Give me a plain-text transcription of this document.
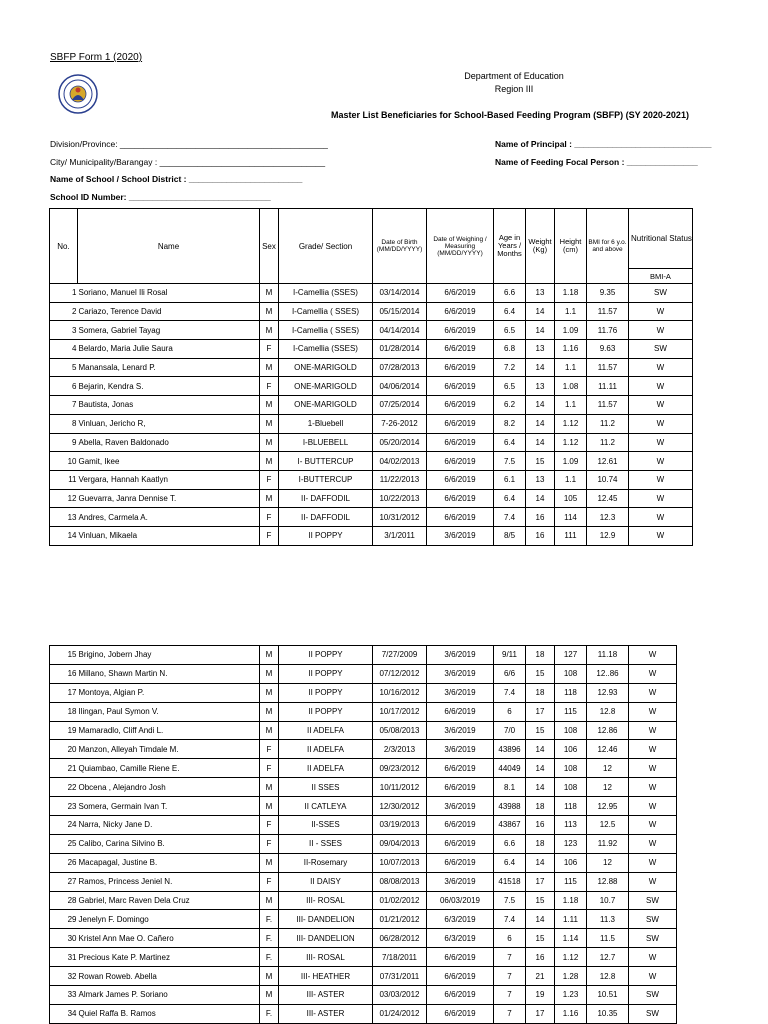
SBFP Form 1 (2020)
Department of Education
Region III
Master List Beneficiaries for School-Based Feeding Program (SBFP) (SY 2020-2021)
Division/Province: ____________________________________________
City/ Municipality/Barangay : ___________________________________
Name of School / School District : ________________________
School ID Number: ______________________________
Name of Principal : _____________________________
Name of Feeding Focal Person : _______________
No.	Name	Sex	Grade/ Section	Date of Birth (MM/DD/YYYY)	Date of Weighing / Measuring (MM/DD/YYYY)	Age in Years / Months	Weight (Kg)	Height (cm)	BMI for 6 y.o. and above	Nutritional Status
										BMI-A
1	Soriano, Manuel Ili Rosal	M	I-Camellia (SSES)	03/14/2014	6/6/2019	6.6	13	1.18	9.35	SW
2	Cariazo, Terence David	M	I-Camellia ( SSES)	05/15/2014	6/6/2019	6.4	14	1.1	11.57	W
3	Somera, Gabriel Tayag	M	I-Camellia ( SSES)	04/14/2014	6/6/2019	6.5	14	1.09	11.76	W
4	Belardo, Maria Julie Saura	F	I-Camellia (SSES)	01/28/2014	6/6/2019	6.8	13	1.16	9.63	SW
5	Manansala, Lenard P.	M	ONE-MARIGOLD	07/28/2013	6/6/2019	7.2	14	1.1	11.57	W
6	Bejarin, Kendra S.	F	ONE-MARIGOLD	04/06/2014	6/6/2019	6.5	13	1.08	11.11	W
7	Bautista, Jonas	M	ONE-MARIGOLD	07/25/2014	6/6/2019	6.2	14	1.1	11.57	W
8	Vinluan, Jericho R,	M	1-Bluebell	7-26-2012	6/6/2019	8.2	14	1.12	11.2	W
9	Abella, Raven Baldonado	M	I-BLUEBELL	05/20/2014	6/6/2019	6.4	14	1.12	11.2	W
10	Gamit, Ikee	M	I- BUTTERCUP	04/02/2013	6/6/2019	7.5	15	1.09	12.61	W
11	Vergara, Hannah Kaatlyn	F	I-BUTTERCUP	11/22/2013	6/6/2019	6.1	13	1.1	10.74	W
12	Guevarra, Janra Dennise T.	M	II- DAFFODIL	10/22/2013	6/6/2019	6.4	14	105	12.45	W
13	Andres, Carmela A.	F	II- DAFFODIL	10/31/2012	6/6/2019	7.4	16	114	12.3	W
14	Vinluan, Mikaela	F	II POPPY	3/1/2011	3/6/2019	8/5	16	111	12.9	W
15	Brigino, Jobern Jhay	M	II POPPY	7/27/2009	3/6/2019	9/11	18	127	11.18	W
16	Millano, Shawn Martin N.	M	II POPPY	07/12/2012	3/6/2019	6/6	15	108	12..86	W
17	Montoya, Algian P.	M	II POPPY	10/16/2012	3/6/2019	7.4	18	118	12.93	W
18	Ilingan, Paul Symon V.	M	II POPPY	10/17/2012	6/6/2019	6	17	115	12.8	W
19	Mamaradlo, Cliff Andi L.	M	II ADELFA	05/08/2013	3/6/2019	7/0	15	108	12.86	W
20	Manzon, Alleyah Timdale M.	F	II ADELFA	2/3/2013	3/6/2019	43896	14	106	12.46	W
21	Quiambao, Camille Riene E.	F	II ADELFA	09/23/2012	6/6/2019	44049	14	108	12	W
22	Obcena , Alejandro Josh	M	II SSES	10/11/2012	6/6/2019	8.1	14	108	12	W
23	Somera, Germain Ivan T.	M	II CATLEYA	12/30/2012	3/6/2019	43988	18	118	12.95	W
24	Narra, Nicky Jane D.	F	II-SSES	03/19/2013	6/6/2019	43867	16	113	12.5	W
25	Calibo, Carina Silvino B.	F	II - SSES	09/04/2013	6/6/2019	6.6	18	123	11.92	W
26	Macapagal, Justine B.	M	II-Rosemary	10/07/2013	6/6/2019	6.4	14	106	12	W
27	Ramos, Princess Jeniel N.	F	II DAISY	08/08/2013	3/6/2019	41518	17	115	12.88	W
28	Gabriel, Marc Raven Dela Cruz	M	III- ROSAL	01/02/2012	06/03/2019	7.5	15	1.18	10.7	SW
29	Jenelyn F. Domingo	F.	III- DANDELION	01/21/2012	6/3/2019	7.4	14	1.11	11.3	SW
30	Kristel Ann Mae O. Cañero	F.	III- DANDELION	06/28/2012	6/3/2019	6	15	1.14	11.5	SW
31	Precious Kate P. Martinez	F.	III- ROSAL	7/18/2011	6/6/2019	7	16	1.12	12.7	W
32	Rowan Roweb. Abella	M	III- HEATHER	07/31/2011	6/6/2019	7	21	1.28	12.8	W
33	Almark James P. Soriano	M	III- ASTER	03/03/2012	6/6/2019	7	19	1.23	10.51	SW
34	Quiel Raffa B. Ramos	F.	III- ASTER	01/24/2012	6/6/2019	7	17	1.16	10.35	SW
